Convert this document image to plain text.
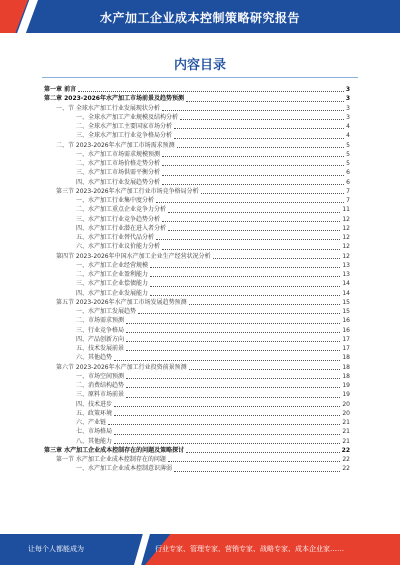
水产加工企业成本控制策略研究报告
内容目录
第一章 前言	3
第二章 2023-2026年水产加工市场前景及趋势预测	3
一、节 全球水产加工行业发展现状分析	3
一、全球水产加工产业规模及结构分析	3
二、全球水产加工主要国家市场分析	4
三、全球水产加工行业竞争格局分析	4
二、节 2023-2026年水产加工市场需求预测	5
一、水产加工市场需求规模预测	5
二、水产加工市场价格走势分析	5
三、水产加工市场供需平衡分析	6
四、水产加工行业发展趋势分析	6
第三节 2023-2026年水产加工行业市场竞争格局分析	7
一、水产加工行业集中度分析	7
二、水产加工重点企业竞争力分析	11
三、水产加工行业竞争趋势分析	12
四、水产加工行业潜在进入者分析	12
五、水产加工行业替代品分析	12
六、水产加工行业议价能力分析	12
第四节 2023-2026年中国水产加工企业生产经营状况分析	12
一、水产加工企业经营规模	13
二、水产加工企业盈利能力	13
三、水产加工企业偿债能力	14
四、水产加工企业发展能力	14
第五节 2023-2026年水产加工市场发展趋势预测	15
一、水产加工发展趋势	15
二、市场需求预测	16
三、行业竞争格局	16
四、产品创新方向	17
五、技术发展前景	17
六、其他趋势	18
第六节 2023-2026年水产加工行业投资前景预测	18
一、市场空间预测	18
二、消费结构趋势	19
三、原料市场前景	19
四、技术进步	20
五、政策环境	20
六、产业链	21
七、市场格局	21
八、其他能力	21
第三章 水产加工企业成本控制存在的问题及策略探讨	22
第一节 水产加工企业成本控制存在的问题	22
一、水产加工企业成本控制意识薄弱	22
让每个人都能成为	行业专家、管理专家、营销专家、战略专家、成本企业家……
